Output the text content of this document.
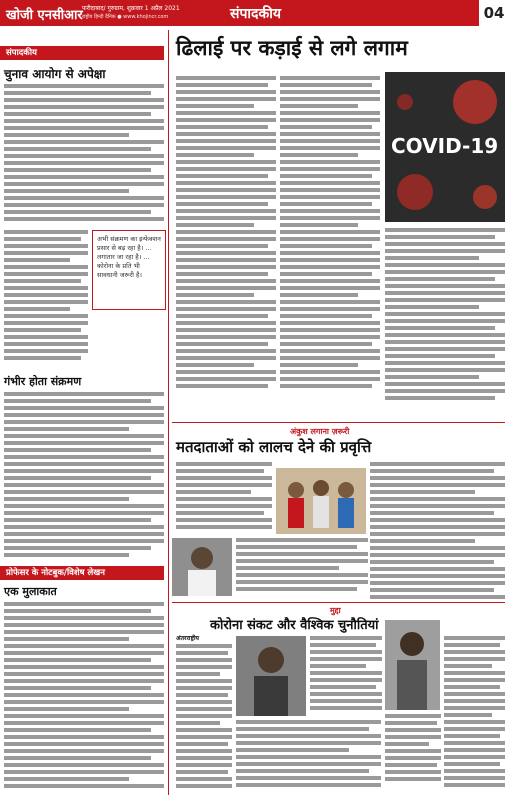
खोजी एनसीआर फरीदाबाद/ गुरुग्राम, शुक्रवार 1 अप्रैल 2021
राष्ट्रीय हिन्दी दैनिक ● www.khojincr.com	संपादकीय	04
संपादकीय
चुनाव आयोग से अपेक्षा
अभी संक्रमण का इन्फेक्शन प्रसार से बढ़ रहा है। ... लगातार जा रहा है। ... कोरोना के प्रति भी सावधानी जरूरी है।
गंभीर होता संक्रमण
प्रोफेसर के नोटबुक/विशेष लेखन
एक मुलाकात
ढिलाई पर कड़ाई से लगे लगाम
COVID-19
अंकुश लगाना ज़रूरी
मतदाताओं को लालच देने की प्रवृत्ति
मुद्दा
कोरोना संकट और वैश्विक चुनौतियां
अंतरराष्ट्रीय
